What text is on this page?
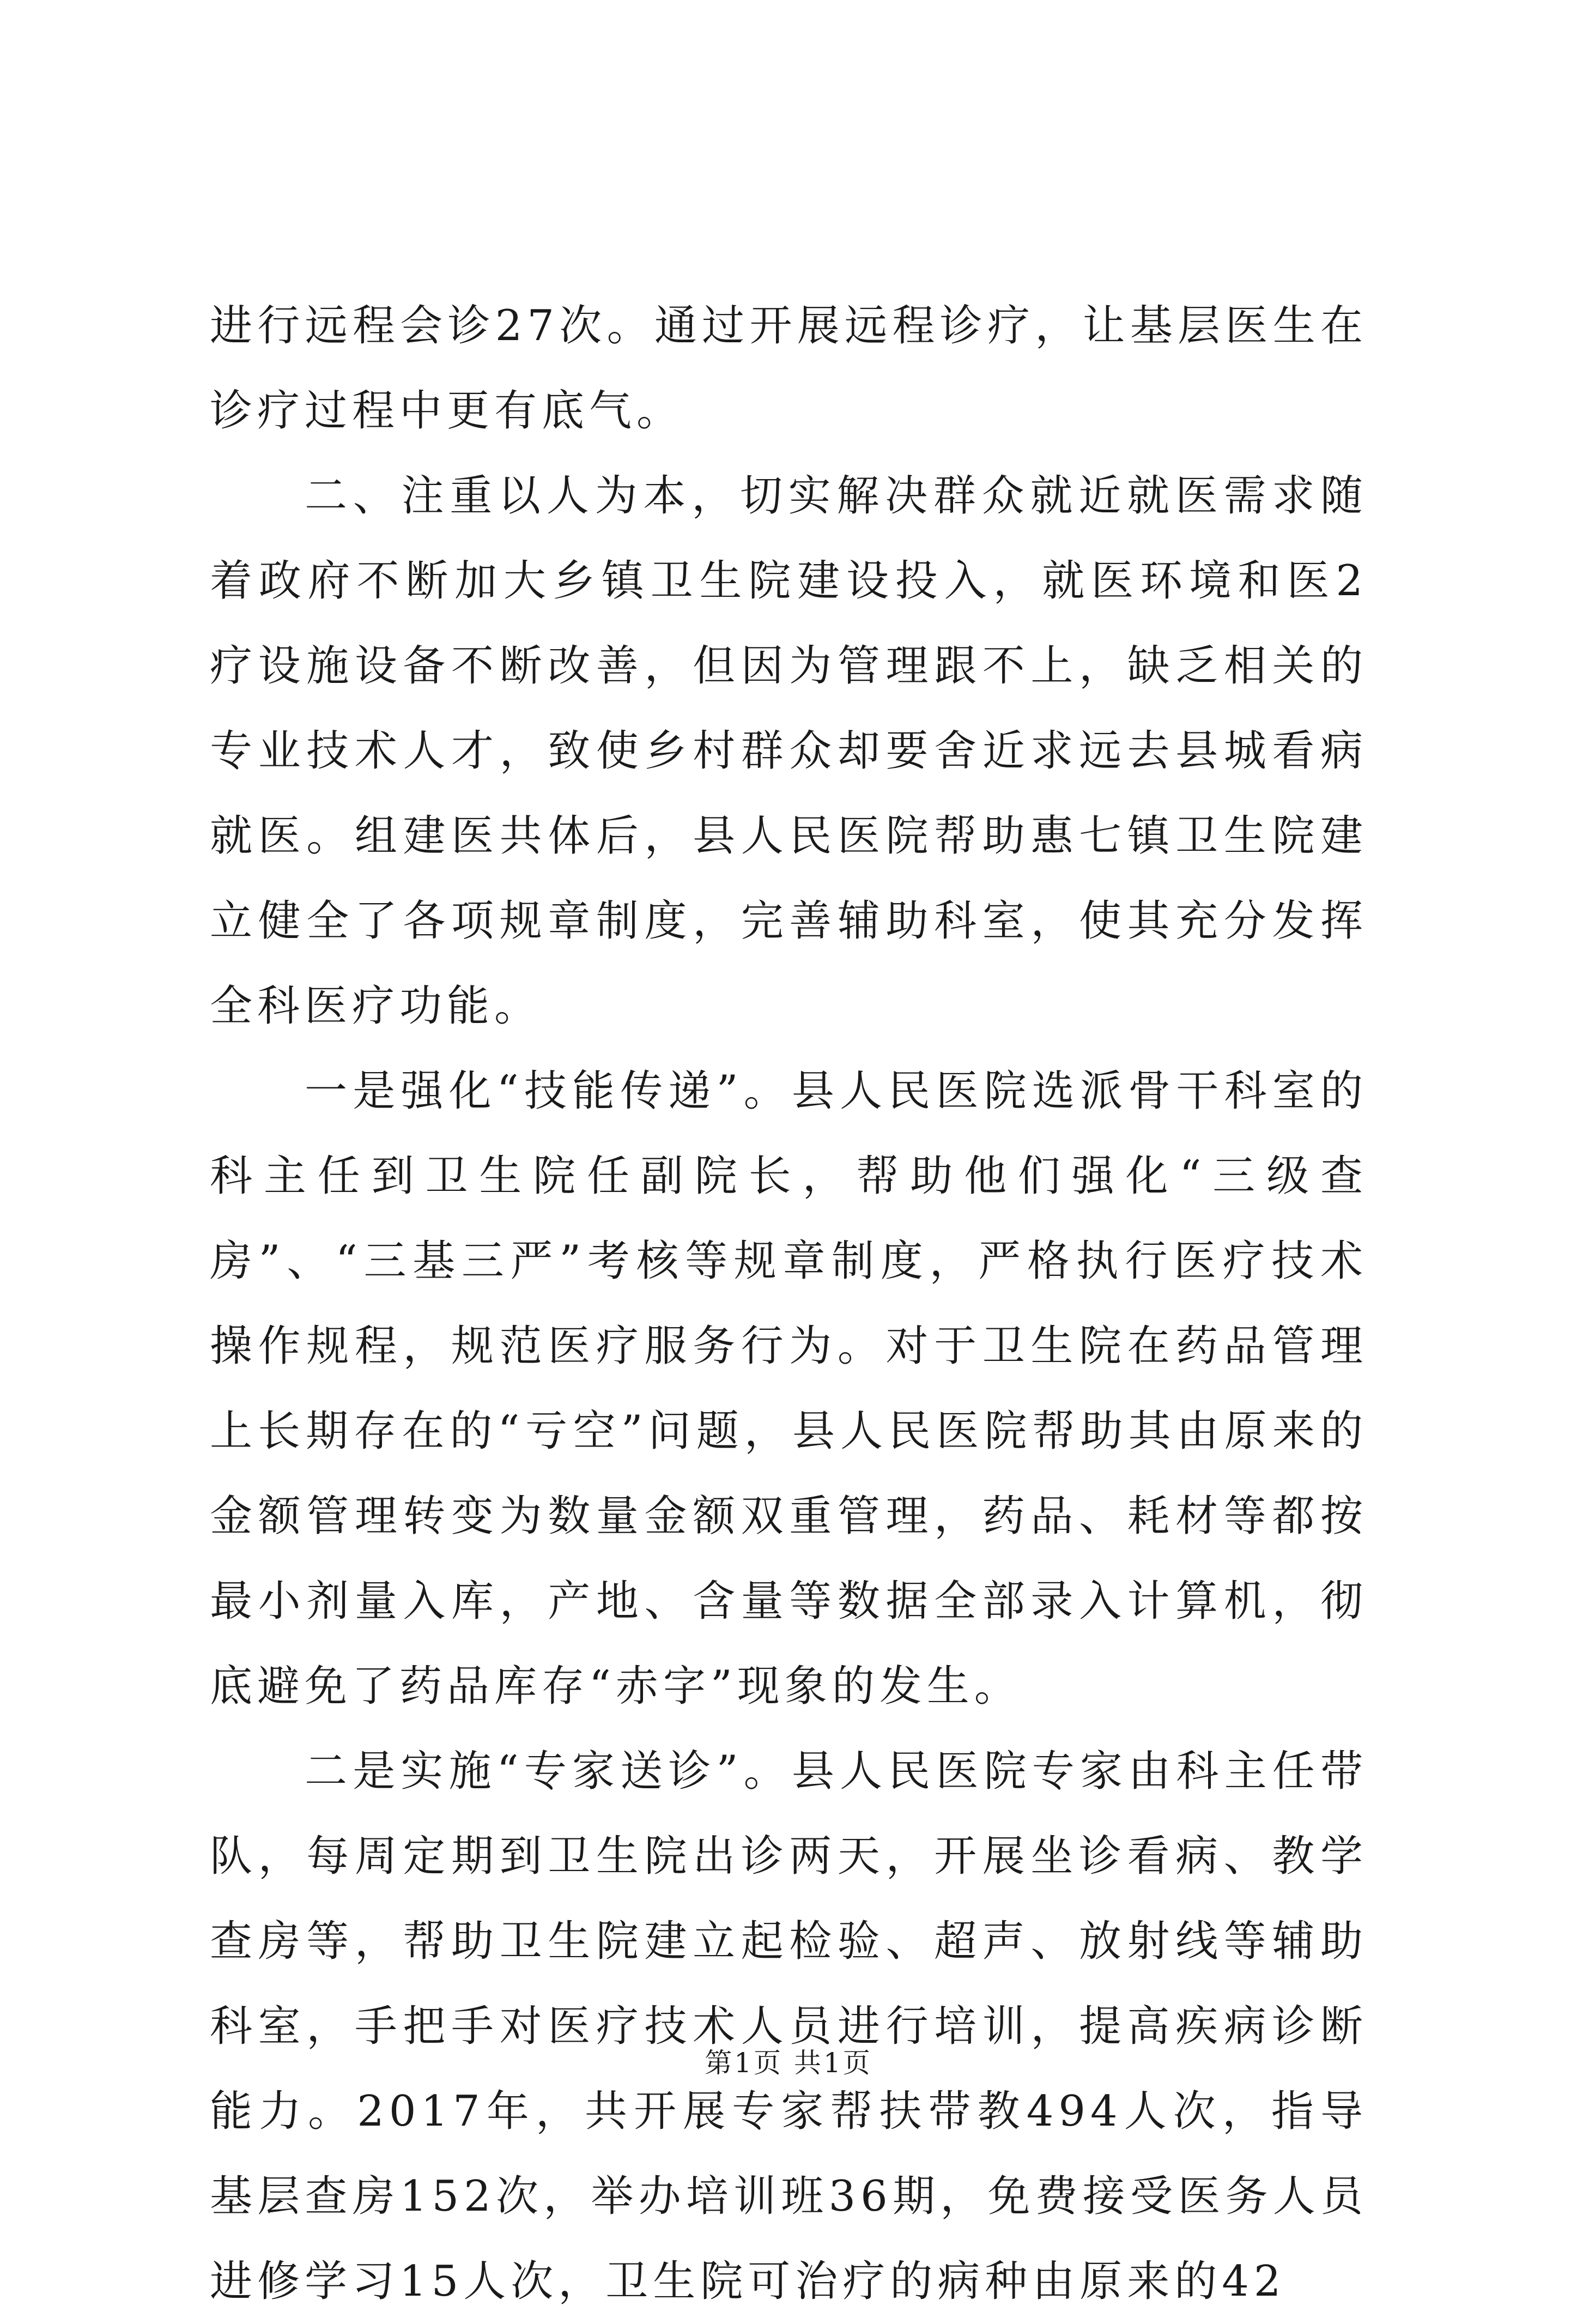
进行远程会诊27次。通过开展远程诊疗，让基层医生在诊疗过程中更有底气。

二、注重以人为本，切实解决群众就近就医需求随着政府不断加大乡镇卫生院建设投入，就医环境和医2疗设施设备不断改善，但因为管理跟不上，缺乏相关的专业技术人才，致使乡村群众却要舍近求远去县城看病就医。组建医共体后，县人民医院帮助惠七镇卫生院建立健全了各项规章制度，完善辅助科室，使其充分发挥全科医疗功能。

一是强化“技能传递”。县人民医院选派骨干科室的科主任到卫生院任副院长，帮助他们强化“三级查房”、“三基三严”考核等规章制度，严格执行医疗技术操作规程，规范医疗服务行为。对于卫生院在药品管理上长期存在的“亏空”问题，县人民医院帮助其由原来的金额管理转变为数量金额双重管理，药品、耗材等都按最小剂量入库，产地、含量等数据全部录入计算机，彻底避免了药品库存“赤字”现象的发生。

二是实施“专家送诊”。县人民医院专家由科主任带队，每周定期到卫生院出诊两天，开展坐诊看病、教学查房等，帮助卫生院建立起检验、超声、放射线等辅助科室，手把手对医疗技术人员进行培训，提高疾病诊断能力。2017年，共开展专家帮扶带教494人次，指导基层查房152次，举办培训班36期，免费接受医务人员进修学习15人次，卫生院可治疗的病种由原来的42

第1页 共1页
